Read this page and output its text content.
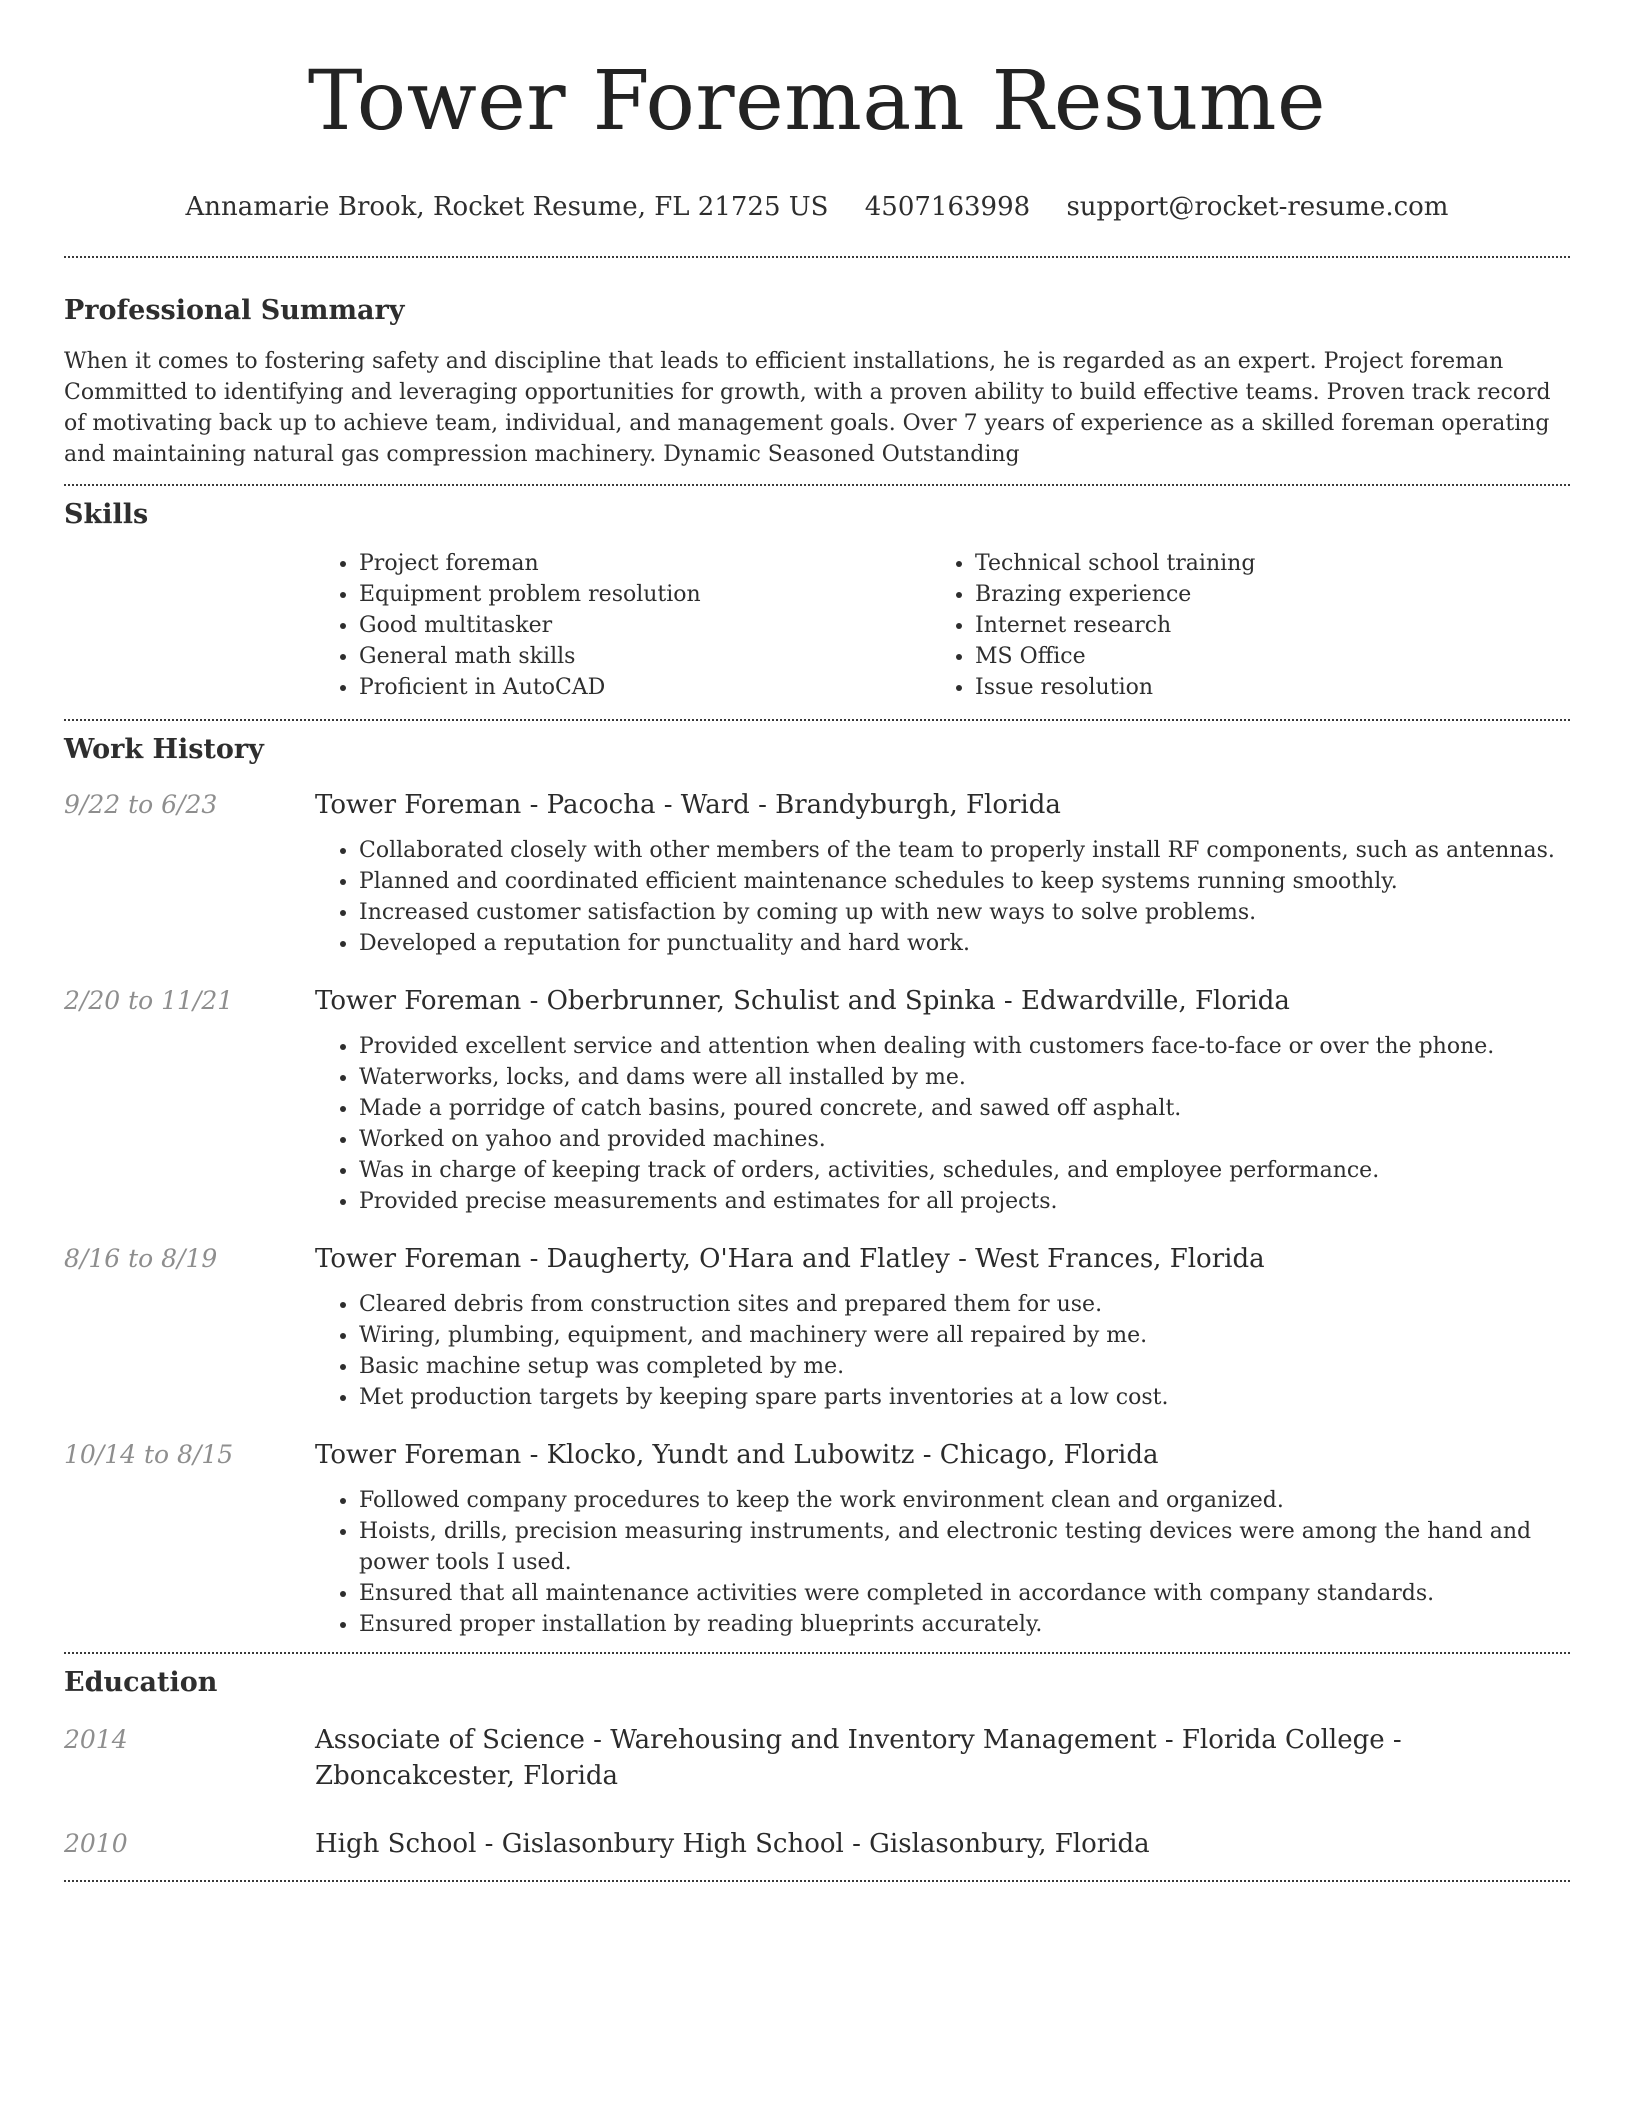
Tower Foreman Resume
Annamarie Brook, Rocket Resume, FL 21725 US 4507163998 support@rocket-resume.com
Professional Summary

When it comes to fostering safety and discipline that leads to efficient installations, he is regarded as an expert. Project foreman Committed to identifying and leveraging opportunities for growth, with a proven ability to build effective teams. Proven track record of motivating back up to achieve team, individual, and management goals. Over 7 years of experience as a skilled foreman operating and maintaining natural gas compression machinery. Dynamic Seasoned Outstanding

Skills
• Project foreman
• Equipment problem resolution
• Good multitasker
• General math skills
• Proficient in AutoCAD
• Technical school training
• Brazing experience
• Internet research
• MS Office
• Issue resolution
Work History
9/22 to 6/23	Tower Foreman - Pacocha - Ward - Brandyburgh, Florida
• Collaborated closely with other members of the team to properly install RF components, such as antennas.
• Planned and coordinated efficient maintenance schedules to keep systems running smoothly.
• Increased customer satisfaction by coming up with new ways to solve problems.
• Developed a reputation for punctuality and hard work.
2/20 to 11/21	Tower Foreman - Oberbrunner, Schulist and Spinka - Edwardville, Florida
• Provided excellent service and attention when dealing with customers face-to-face or over the phone.
• Waterworks, locks, and dams were all installed by me.
• Made a porridge of catch basins, poured concrete, and sawed off asphalt.
• Worked on yahoo and provided machines.
• Was in charge of keeping track of orders, activities, schedules, and employee performance.
• Provided precise measurements and estimates for all projects.
8/16 to 8/19	Tower Foreman - Daugherty, O'Hara and Flatley - West Frances, Florida
• Cleared debris from construction sites and prepared them for use.
• Wiring, plumbing, equipment, and machinery were all repaired by me.
• Basic machine setup was completed by me.
• Met production targets by keeping spare parts inventories at a low cost.
10/14 to 8/15	Tower Foreman - Klocko, Yundt and Lubowitz - Chicago, Florida
• Followed company procedures to keep the work environment clean and organized.
• Hoists, drills, precision measuring instruments, and electronic testing devices were among the hand and power tools I used.
• Ensured that all maintenance activities were completed in accordance with company standards.
• Ensured proper installation by reading blueprints accurately.
Education
2014	Associate of Science - Warehousing and Inventory Management - Florida College - Zboncakcester, Florida
2010	High School - Gislasonbury High School - Gislasonbury, Florida
